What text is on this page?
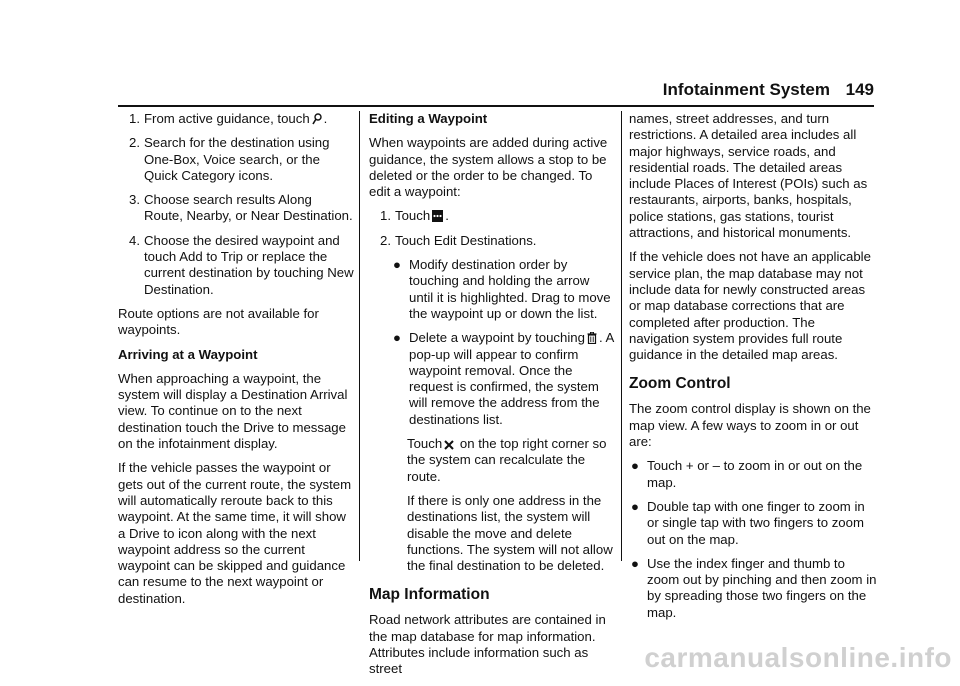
Infotainment System 149
1. From active guidance, touch .
2. Search for the destination using One-Box, Voice search, or the Quick Category icons.
3. Choose search results Along Route, Nearby, or Near Destination.
4. Choose the desired waypoint and touch Add to Trip or replace the current destination by touching New Destination.

Route options are not available for waypoints.

Arriving at a Waypoint

When approaching a waypoint, the system will display a Destination Arrival view. To continue on to the next destination touch the Drive to message on the infotainment display.

If the vehicle passes the waypoint or gets out of the current route, the system will automatically reroute back to this waypoint. At the same time, it will show a Drive to icon along with the next waypoint address so the current waypoint can be skipped and guidance can resume to the next waypoint or destination.

Editing a Waypoint

When waypoints are added during active guidance, the system allows a stop to be deleted or the order to be changed. To edit a waypoint:

1. Touch .
2. Touch Edit Destinations.
● Modify destination order by touching and holding the arrow until it is highlighted. Drag to move the waypoint up or down the list.
● Delete a waypoint by touching . A pop-up will appear to confirm waypoint removal. Once the request is confirmed, the system will remove the address from the destinations list.

Touch on the top right corner so the system can recalculate the route.

If there is only one address in the destinations list, the system will disable the move and delete functions. The system will not allow the final destination to be deleted.

Map Information

Road network attributes are contained in the map database for map information. Attributes include information such as street

names, street addresses, and turn restrictions. A detailed area includes all major highways, service roads, and residential roads. The detailed areas include Places of Interest (POIs) such as restaurants, airports, banks, hospitals, police stations, gas stations, tourist attractions, and historical monuments.

If the vehicle does not have an applicable service plan, the map database may not include data for newly constructed areas or map database corrections that are completed after production. The navigation system provides full route guidance in the detailed map areas.

Zoom Control

The zoom control display is shown on the map view. A few ways to zoom in or out are:

● Touch + or – to zoom in or out on the map.
● Double tap with one finger to zoom in or single tap with two fingers to zoom out on the map.
● Use the index finger and thumb to zoom out by pinching and then zoom in by spreading those two fingers on the map.
carmanualsonline.info
